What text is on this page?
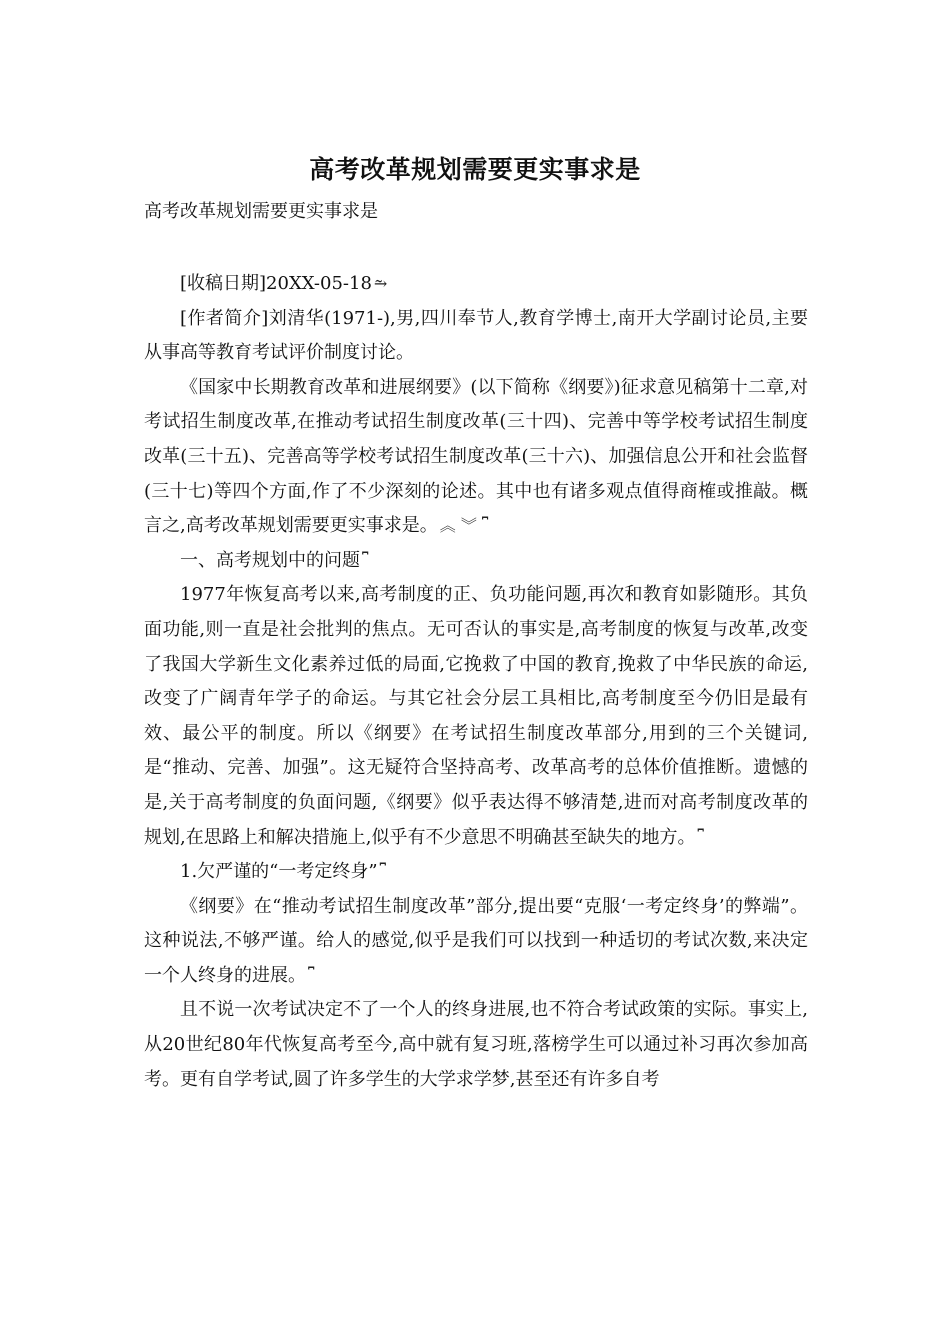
高考改革规划需要更实事求是
高考改革规划需要更实事求是

[收稿日期]20XX-05-18 ⥲

[作者简介]刘清华(1971-),男,四川奉节人,教育学博士,南开大学副讨论员,主要从事高等教育考试评价制度讨论。

《国家中长期教育改革和进展纲要》(以下简称《纲要》)征求意见稿第十二章,对考试招生制度改革,在推动考试招生制度改革(三十四)、完善中等学校考试招生制度改革(三十五)、完善高等学校考试招生制度改革(三十六)、加强信息公开和社会监督(三十七)等四个方面,作了不少深刻的论述。其中也有诸多观点值得商榷或推敲。概言之,高考改革规划需要更实事求是。 ︽ ︾ ⎴

一、高考规划中的问题 ⎴

1977年恢复高考以来,高考制度的正、负功能问题,再次和教育如影随形。其负面功能,则一直是社会批判的焦点。无可否认的事实是,高考制度的恢复与改革,改变了我国大学新生文化素养过低的局面,它挽救了中国的教育,挽救了中华民族的命运,改变了广阔青年学子的命运。与其它社会分层工具相比,高考制度至今仍旧是最有效、最公平的制度。所以《纲要》在考试招生制度改革部分,用到的三个关键词,是“推动、完善、加强”。这无疑符合坚持高考、改革高考的总体价值推断。遗憾的是,关于高考制度的负面问题,《纲要》似乎表达得不够清楚,进而对高考制度改革的规划,在思路上和解决措施上,似乎有不少意思不明确甚至缺失的地方。 ⎴

1.欠严谨的“一考定终身” ⎴

《纲要》在“推动考试招生制度改革”部分,提出要“克服‘一考定终身’的弊端”。这种说法,不够严谨。给人的感觉,似乎是我们可以找到一种适切的考试次数,来决定一个人终身的进展。 ⎴

且不说一次考试决定不了一个人的终身进展,也不符合考试政策的实际。事实上,从20世纪80年代恢复高考至今,高中就有复习班,落榜学生可以通过补习再次参加高考。更有自学考试,圆了许多学生的大学求学梦,甚至还有许多自考
